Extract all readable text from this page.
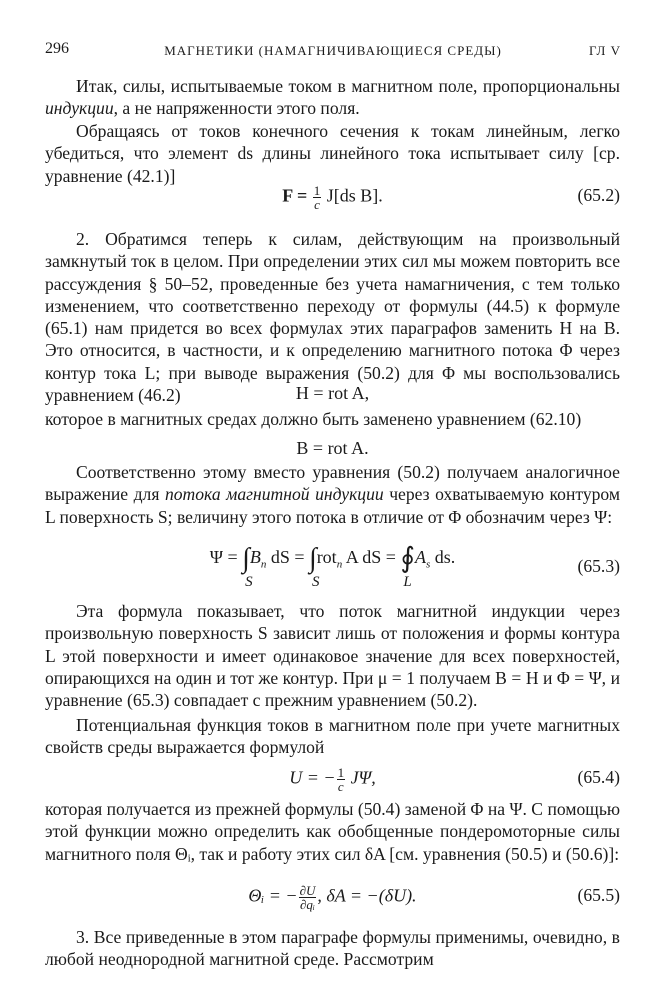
296	МАГНЕТИКИ (НАМАГНИЧИВАЮЩИЕСЯ СРЕДЫ)	ГЛ V

Итак, силы, испытываемые током в магнитном поле, пропорциональны индукции, а не напряженности этого поля.

Обращаясь от токов конечного сечения к токам линейным, легко убедиться, что элемент ds длины линейного тока испытывает силу [ср. уравнение (42.1)]

$F = \frac{1}{c} J[ds$ B].	(65.2)

2. Обратимся теперь к силам, действующим на произвольный замкнутый ток в целом. При определении этих сил мы можем повторить все рассуждения § 50–52, проведенные без учета намагничения, с тем только изменением, что соответственно переходу от формулы (44.5) к формуле (65.1) нам придется во всех формулах этих параграфов заменить H на B. Это относится, в частности, и к определению магнитного потока Φ через контур тока L; при выводе выражения (50.2) для Φ мы воспользовались уравнением (46.2)	H = rot A,

которое в магнитных средах должно быть заменено уравнением (62.10)

B = rot A.

Соответственно этому вместо уравнения (50.2) получаем аналогичное выражение для потока магнитной индукции через охватываемую контуром L поверхность S; величину этого потока в отличие от Φ обозначим через Ψ:

Ψ = ∫
S
$B_n$ dS = ∫
S
rot$_n$ A dS = ∮
L
$A_s$ ds.	(65.3)

Эта формула показывает, что поток магнитной индукции через произвольную поверхность S зависит лишь от положения и формы контура L этой поверхности и имеет одинаковое значение для всех поверхностей, опирающихся на один и тот же контур. При μ = 1 получаем B = H и Φ = Ψ, и уравнение (65.3) совпадает с прежним уравнением (50.2).

Потенциальная функция токов в магнитном поле при учете магнитных свойств среды выражается формулой

U = − $\frac{1}{c} J\Psi$,	(65.4)

которая получается из прежней формулы (50.4) заменой Φ на Ψ. С помощью этой функции можно определить как обобщенные пондеромоторные силы магнитного поля Θᵢ, так и работу этих сил δA [см. уравнения (50.5) и (50.6)]:

Θᵢ = − $\frac{\partial U}{\text{∂qᵢ}}$ , δA = −(δU).	(65.5)

3. Все приведенные в этом параграфе формулы применимы, очевидно, в любой неоднородной магнитной среде. Рассмотрим
